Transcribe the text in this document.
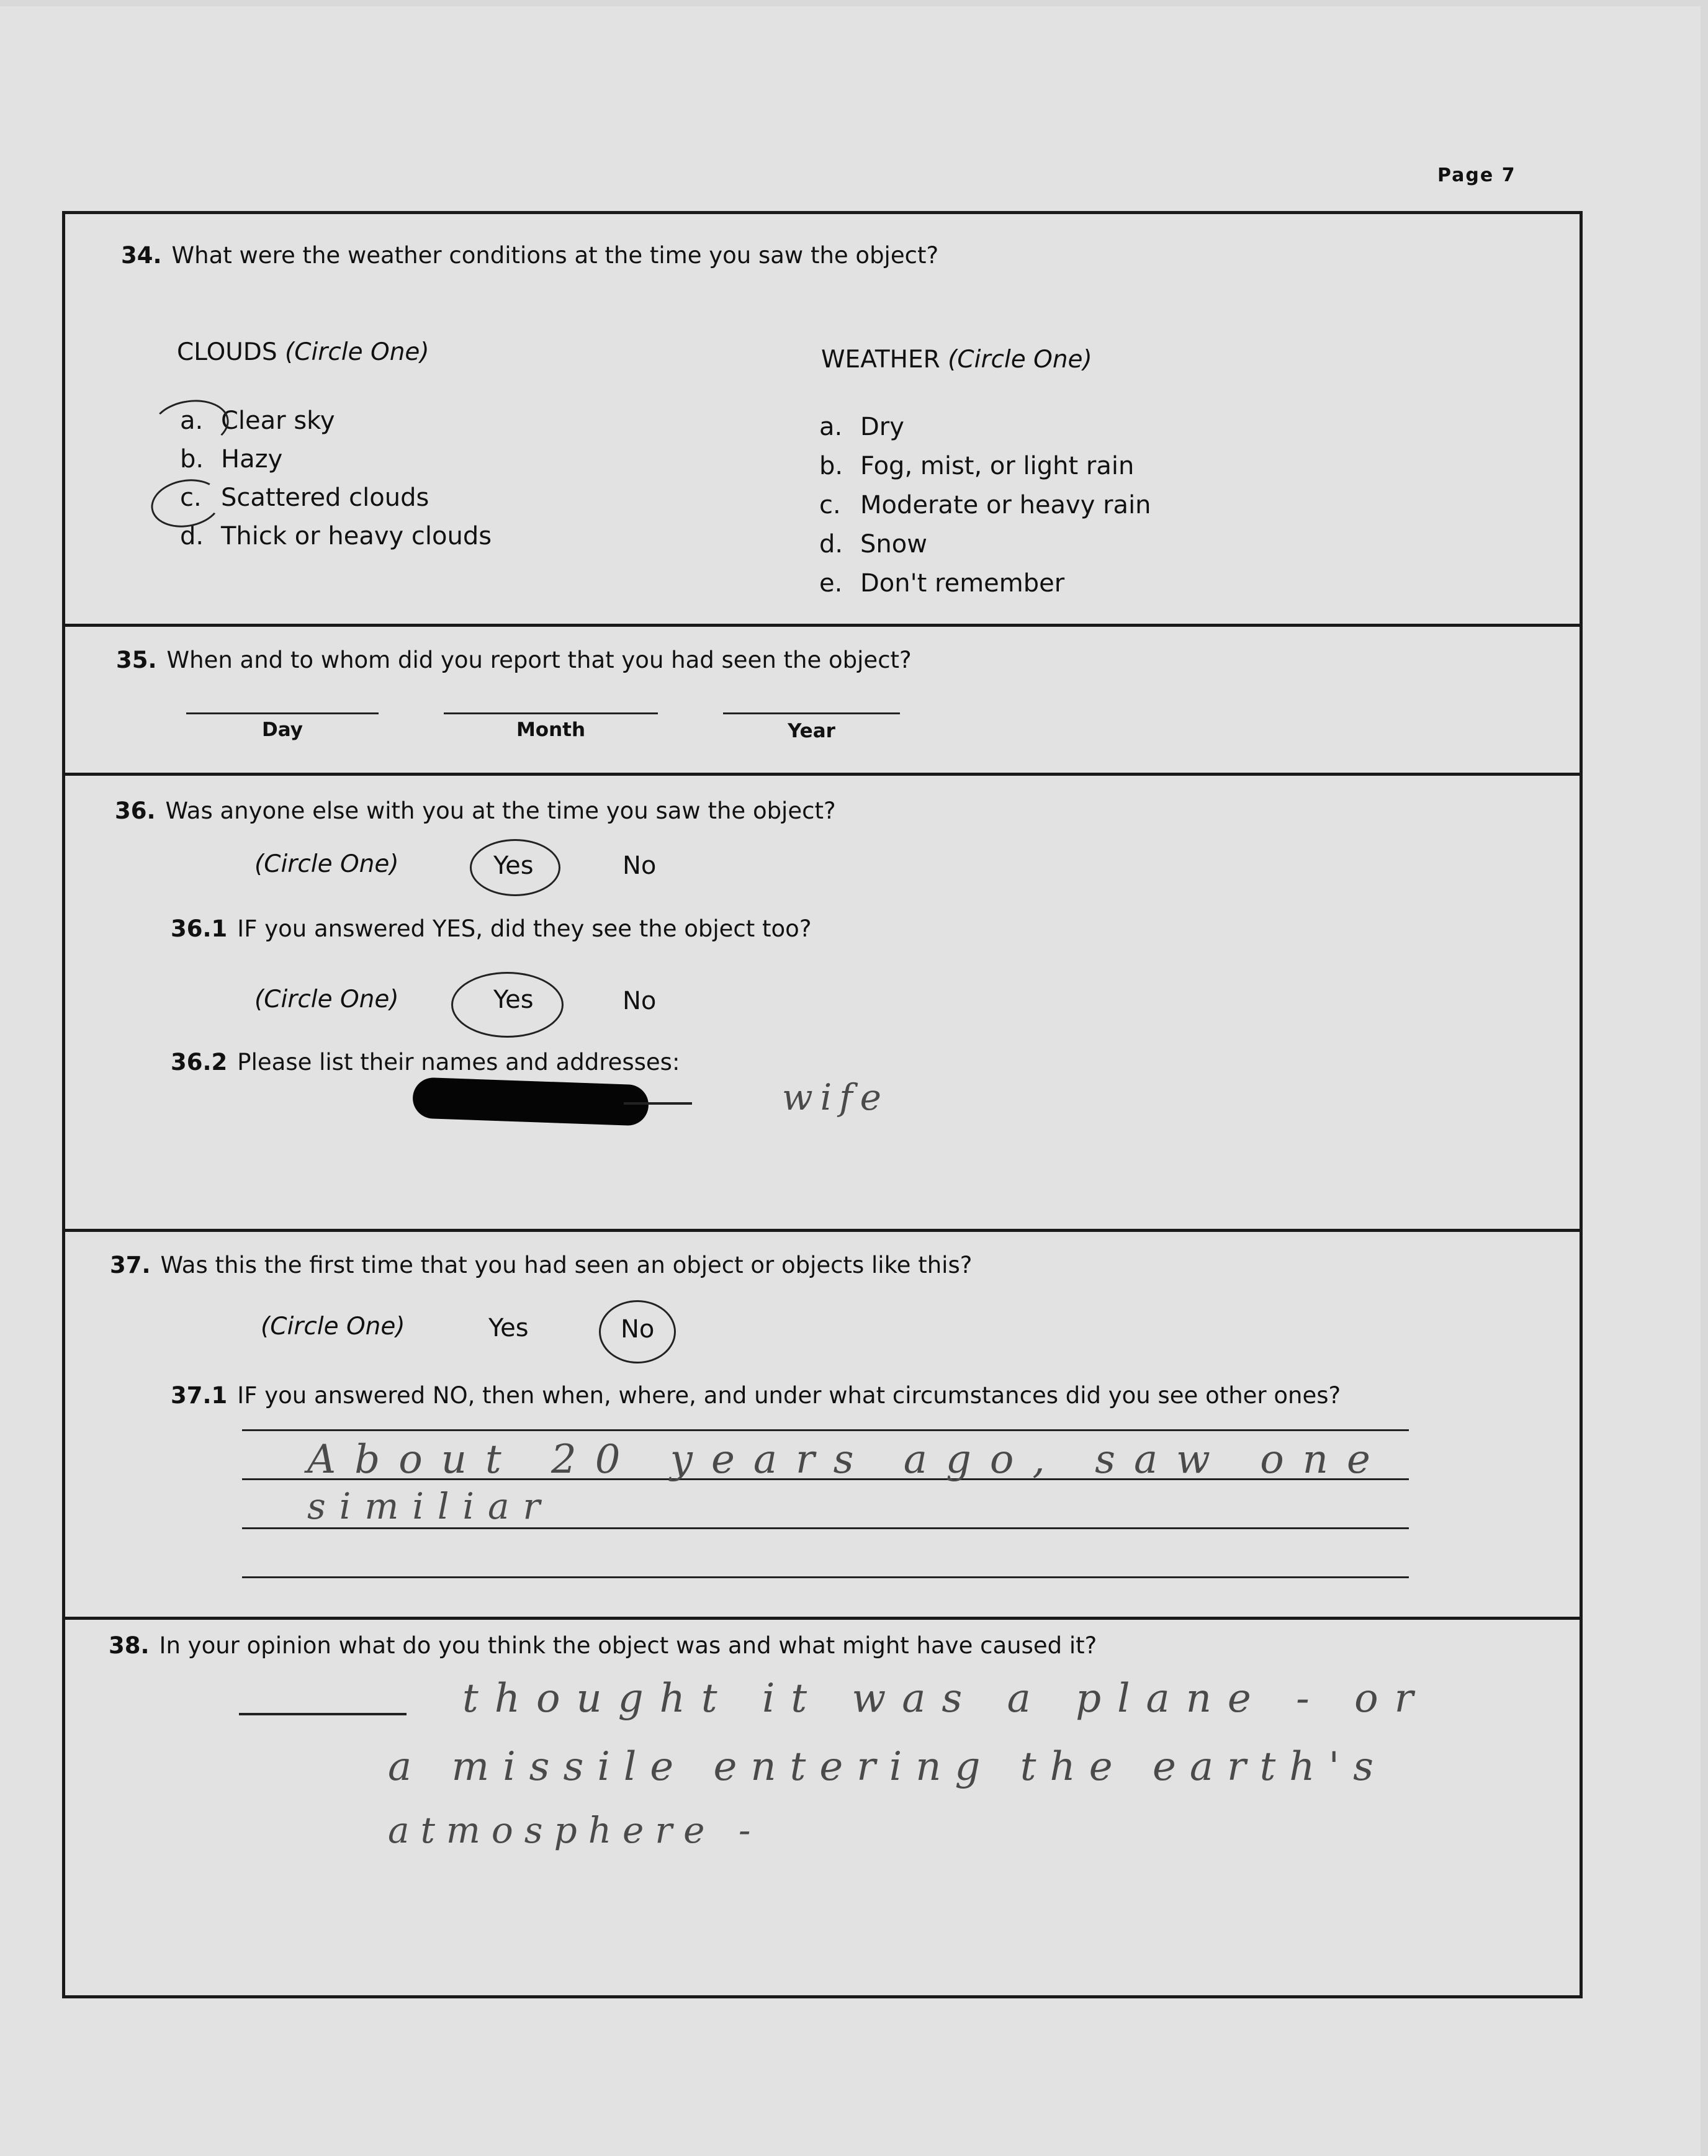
Page 7
34. What were the weather conditions at the time you saw the object?
CLOUDS (Circle One)	WEATHER (Circle One)
a. Clear sky
b. Hazy
c. Scattered clouds
d. Thick or heavy clouds
a. Dry
b. Fog, mist, or light rain
c. Moderate or heavy rain
d. Snow
e. Don't remember
35. When and to whom did you report that you had seen the object?
Day	Month	Year
36. Was anyone else with you at the time you saw the object?
(Circle One)	Yes	No
36.1 IF you answered YES, did they see the object too?
(Circle One)	Yes	No
36.2 Please list their names and addresses:
wife
37. Was this the first time that you had seen an object or objects like this?
(Circle One)	Yes	No
37.1 IF you answered NO, then when, where, and under what circumstances did you see other ones?
About 20 years ago, saw one
similiar
38. In your opinion what do you think the object was and what might have caused it?
thought it was a plane - or
a missile entering the earth's
atmosphere -
